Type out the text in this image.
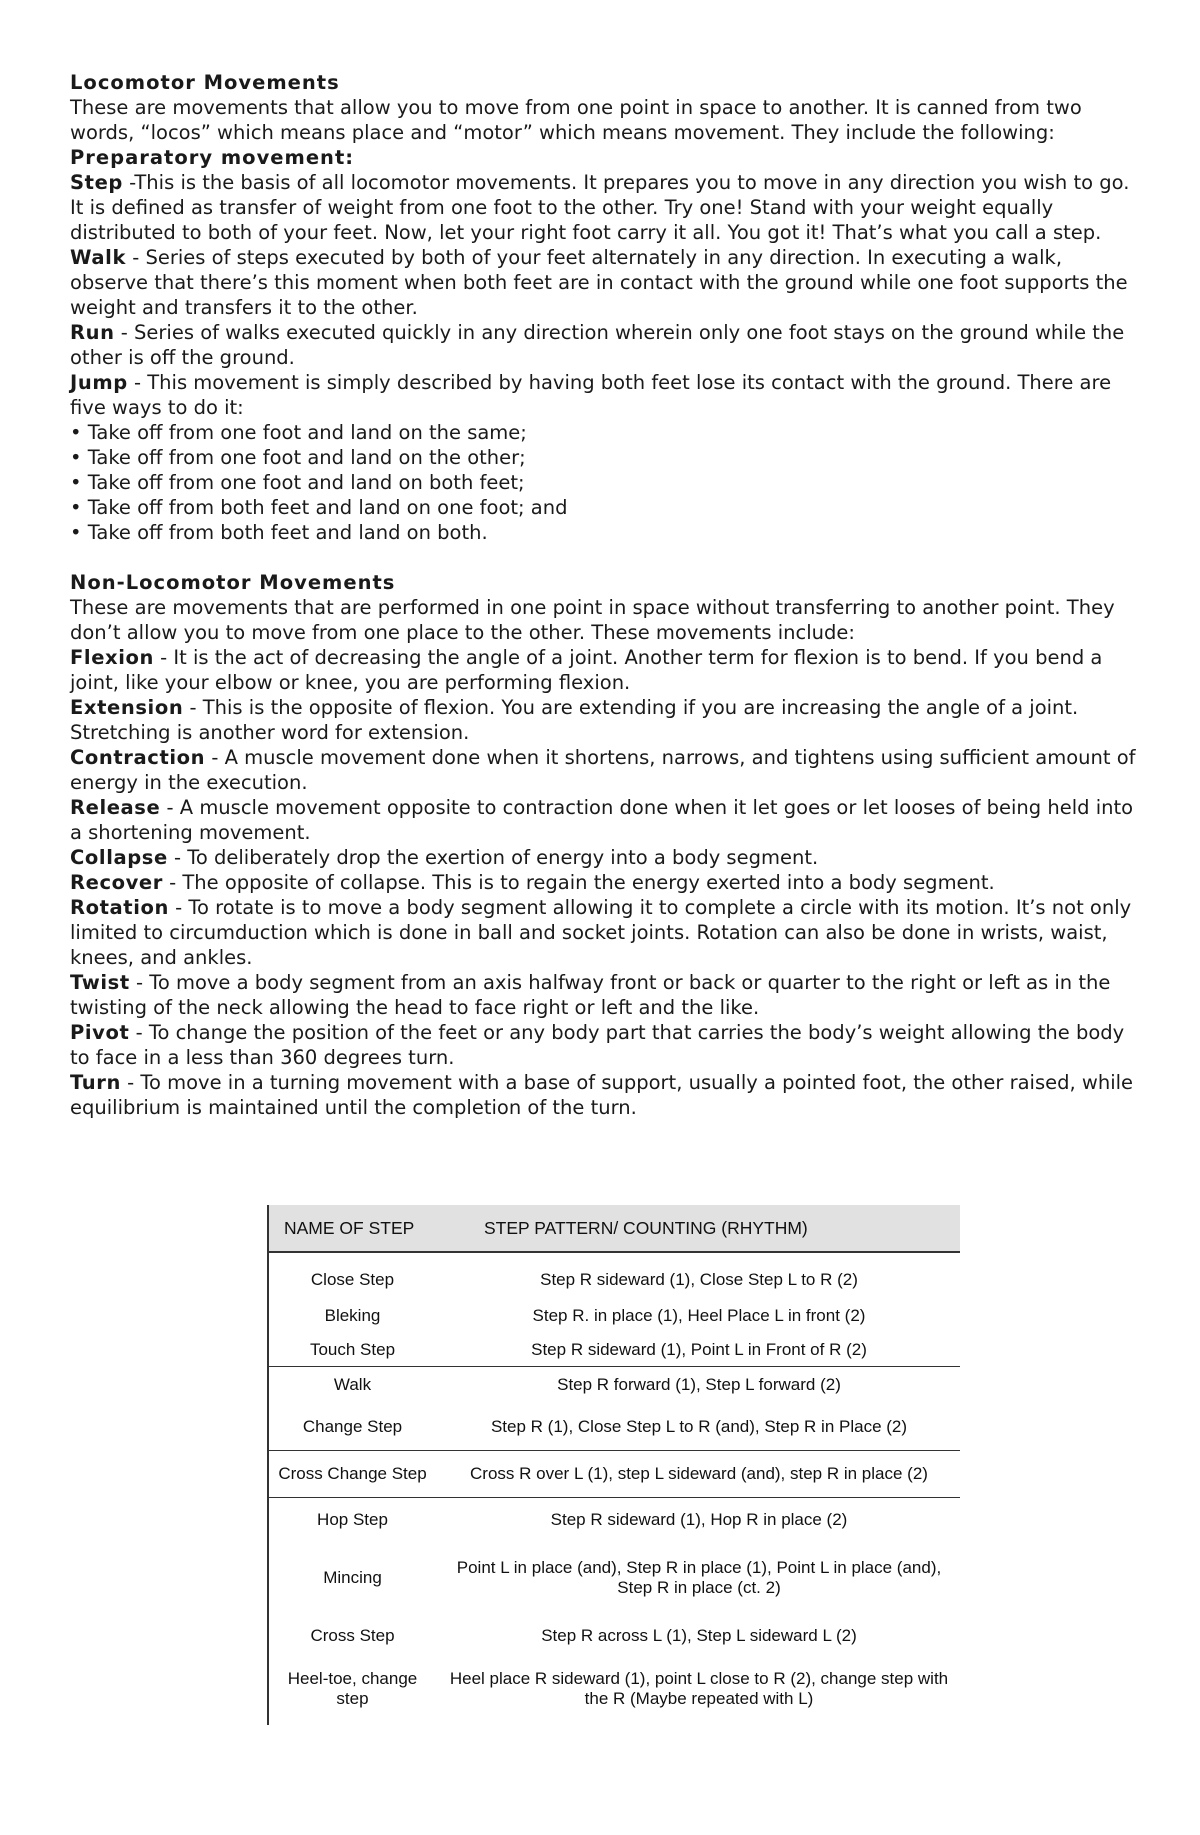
Locomotor Movements

These are movements that allow you to move from one point in space to another. It is canned from two words, “locos” which means place and “motor” which means movement. They include the following:

Preparatory movement:

Step -This is the basis of all locomotor movements. It prepares you to move in any direction you wish to go. It is defined as transfer of weight from one foot to the other. Try one! Stand with your weight equally distributed to both of your feet. Now, let your right foot carry it all. You got it! That’s what you call a step.

Walk - Series of steps executed by both of your feet alternately in any direction. In executing a walk, observe that there’s this moment when both feet are in contact with the ground while one foot supports the weight and transfers it to the other.

Run - Series of walks executed quickly in any direction wherein only one foot stays on the ground while the other is off the ground.

Jump - This movement is simply described by having both feet lose its contact with the ground. There are five ways to do it:

• Take off from one foot and land on the same;
• Take off from one foot and land on the other;
• Take off from one foot and land on both feet;
• Take off from both feet and land on one foot; and
• Take off from both feet and land on both.

Non-Locomotor Movements

These are movements that are performed in one point in space without transferring to another point. They don’t allow you to move from one place to the other. These movements include:

Flexion - It is the act of decreasing the angle of a joint. Another term for flexion is to bend. If you bend a joint, like your elbow or knee, you are performing flexion.

Extension - This is the opposite of flexion. You are extending if you are increasing the angle of a joint. Stretching is another word for extension.

Contraction - A muscle movement done when it shortens, narrows, and tightens using sufficient amount of energy in the execution.

Release - A muscle movement opposite to contraction done when it let goes or let looses of being held into a shortening movement.

Collapse - To deliberately drop the exertion of energy into a body segment.

Recover - The opposite of collapse. This is to regain the energy exerted into a body segment.

Rotation - To rotate is to move a body segment allowing it to complete a circle with its motion. It’s not only limited to circumduction which is done in ball and socket joints. Rotation can also be done in wrists, waist, knees, and ankles.

Twist - To move a body segment from an axis halfway front or back or quarter to the right or left as in the twisting of the neck allowing the head to face right or left and the like.

Pivot - To change the position of the feet or any body part that carries the body’s weight allowing the body to face in a less than 360 degrees turn.

Turn - To move in a turning movement with a base of support, usually a pointed foot, the other raised, while equilibrium is maintained until the completion of the turn.

NAME OF STEP	STEP PATTERN/ COUNTING (RHYTHM)
Close Step	Step R sideward (1), Close Step L to R (2)
Bleking	Step R. in place (1), Heel Place L in front (2)
Touch Step	Step R sideward (1), Point L in Front of R (2)
Walk	Step R forward (1), Step L forward (2)
Change Step	Step R (1), Close Step L to R (and), Step R in Place (2)
Cross Change Step	Cross R over L (1), step L sideward (and), step R in place (2)
Hop Step	Step R sideward (1), Hop R in place (2)
Mincing	Point L in place (and), Step R in place (1), Point L in place (and), Step R in place (ct. 2)
Cross Step	Step R across L (1), Step L sideward L (2)
Heel-toe, change step	Heel place R sideward (1), point L close to R (2), change step with the R (Maybe repeated with L)
